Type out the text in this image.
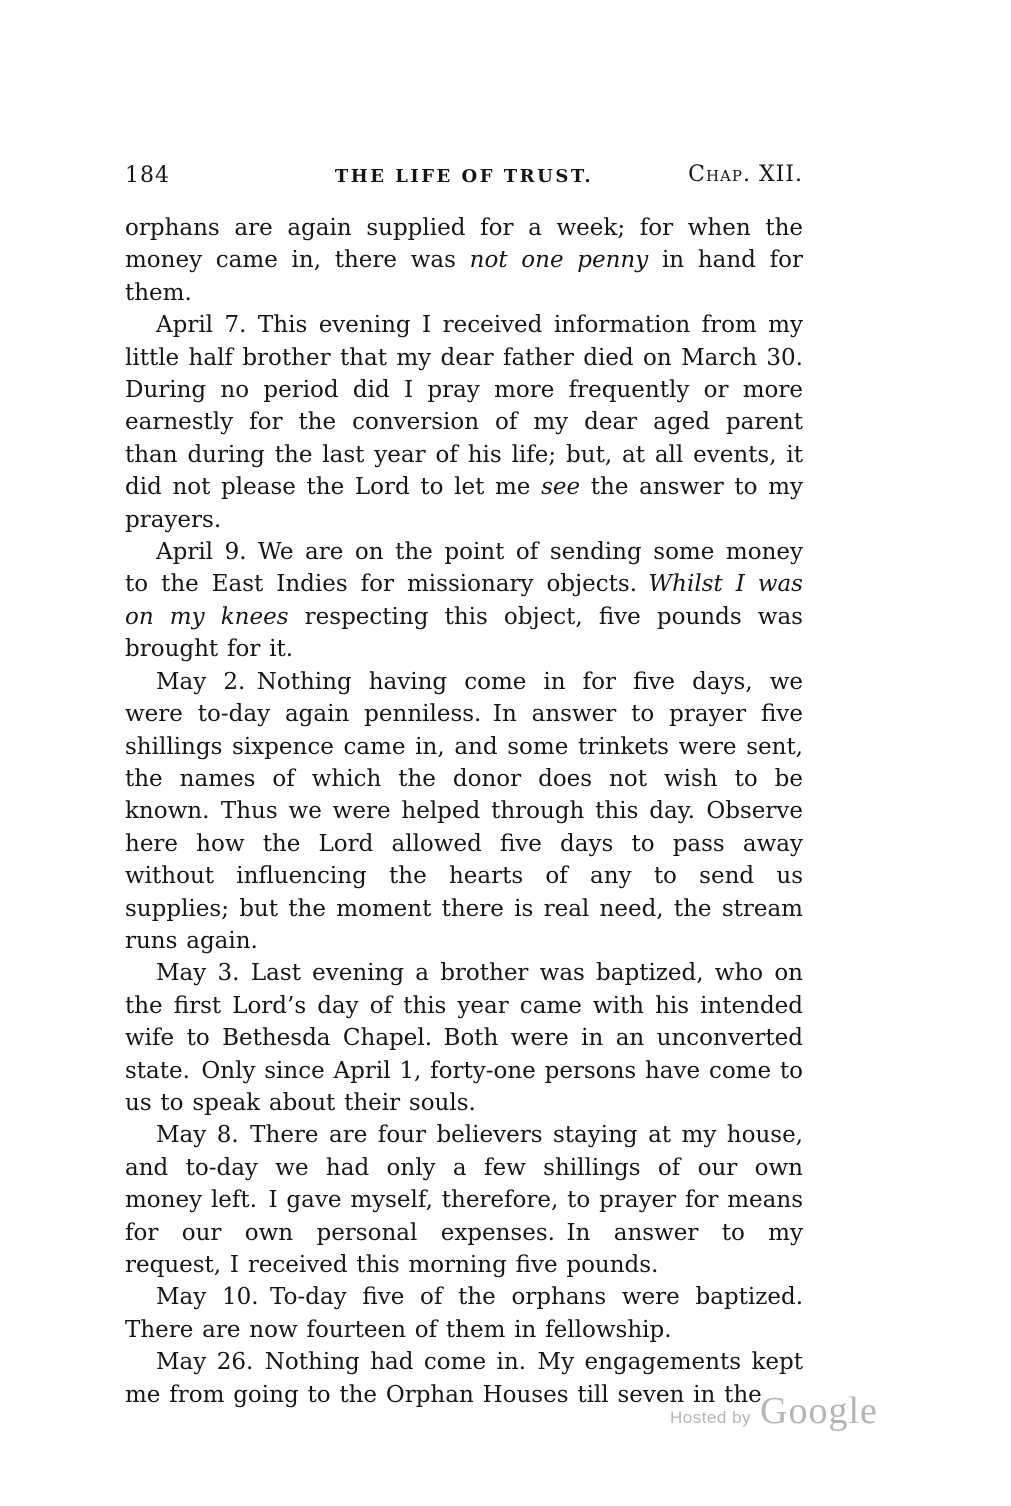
184	THE LIFE OF TRUST.	Chap. XII.

orphans are again supplied for a week; for when the money came in, there was not one penny in hand for them.

April 7. This evening I received information from my little half brother that my dear father died on March 30. During no period did I pray more frequently or more earnestly for the conversion of my dear aged parent than during the last year of his life; but, at all events, it did not please the Lord to let me see the answer to my prayers.

April 9. We are on the point of sending some money to the East Indies for missionary objects. Whilst I was on my knees respecting this object, five pounds was brought for it.

May 2. Nothing having come in for five days, we were to-day again penniless. In answer to prayer five shillings sixpence came in, and some trinkets were sent, the names of which the donor does not wish to be known. Thus we were helped through this day. Observe here how the Lord allowed five days to pass away without influencing the hearts of any to send us supplies; but the moment there is real need, the stream runs again.

May 3. Last evening a brother was baptized, who on the first Lord’s day of this year came with his intended wife to Bethesda Chapel. Both were in an unconverted state. Only since April 1, forty-one persons have come to us to speak about their souls.

May 8. There are four believers staying at my house, and to-day we had only a few shillings of our own money left. I gave myself, therefore, to prayer for means for our own personal expenses. In answer to my request, I received this morning five pounds.

May 10. To-day five of the orphans were baptized. There are now fourteen of them in fellowship.

May 26. Nothing had come in. My engagements kept me from going to the Orphan Houses till seven in the

Hosted by Google
